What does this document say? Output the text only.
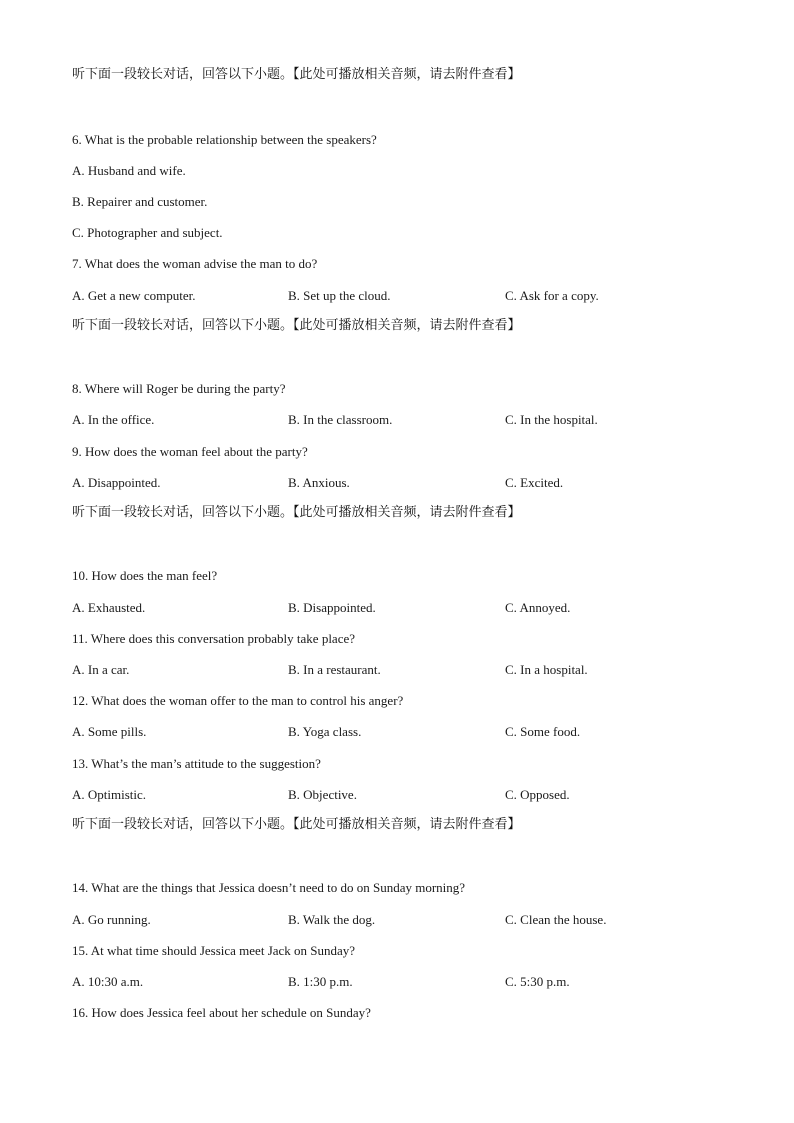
听下面一段较长对话，回答以下小题。【此处可播放相关音频，请去附件查看】
6. What is the probable relationship between the speakers?
A. Husband and wife.
B. Repairer and customer.
C. Photographer and subject.
7. What does the woman advise the man to do?
A. Get a new computer.	B. Set up the cloud.	C. Ask for a copy.
听下面一段较长对话，回答以下小题。【此处可播放相关音频，请去附件查看】
8. Where will Roger be during the party?
A. In the office.	B. In the classroom.	C. In the hospital.
9. How does the woman feel about the party?
A. Disappointed.	B. Anxious.	C. Excited.
听下面一段较长对话，回答以下小题。【此处可播放相关音频，请去附件查看】
10. How does the man feel?
A. Exhausted.	B. Disappointed.	C. Annoyed.
11. Where does this conversation probably take place?
A. In a car.	B. In a restaurant.	C. In a hospital.
12. What does the woman offer to the man to control his anger?
A. Some pills.	B. Yoga class.	C. Some food.
13. What’s the man’s attitude to the suggestion?
A. Optimistic.	B. Objective.	C. Opposed.
听下面一段较长对话，回答以下小题。【此处可播放相关音频，请去附件查看】
14. What are the things that Jessica doesn’t need to do on Sunday morning?
A. Go running.	B. Walk the dog.	C. Clean the house.
15. At what time should Jessica meet Jack on Sunday?
A. 10:30 a.m.	B. 1:30 p.m.	C. 5:30 p.m.
16. How does Jessica feel about her schedule on Sunday?
